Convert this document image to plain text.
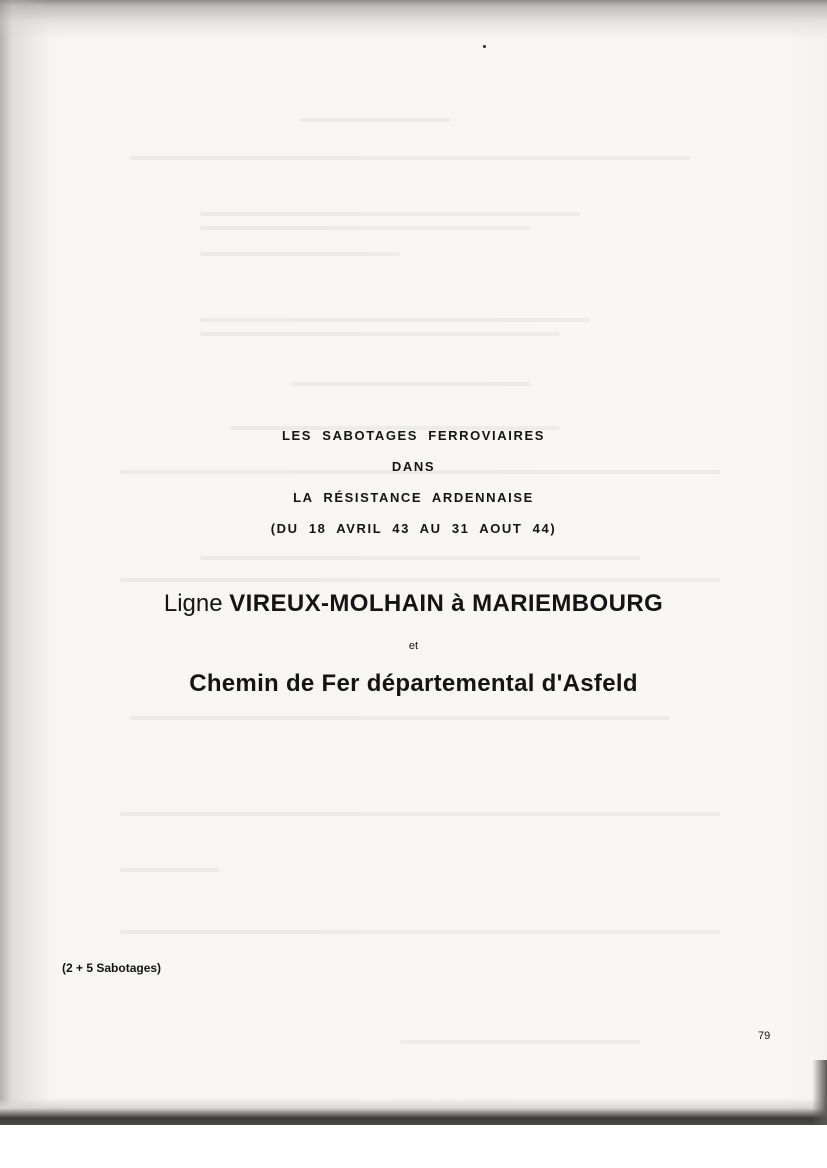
LES SABOTAGES FERROVIAIRES
DANS
LA RÉSISTANCE ARDENNAISE
(DU 18 AVRIL 43 AU 31 AOUT 44)
Ligne VIREUX-MOLHAIN à MARIEMBOURG
et
Chemin de Fer départemental d'Asfeld
(2 + 5 Sabotages)
79
